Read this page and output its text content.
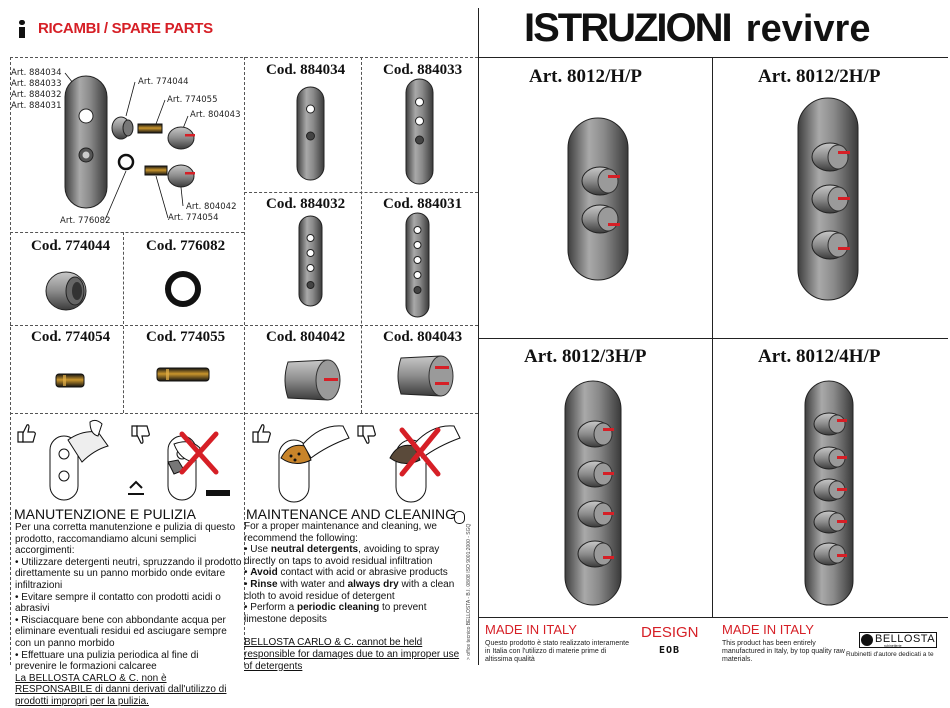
RICAMBI / SPARE PARTS	ISTRUZIONI revivre
Art. 884034
Art. 884033
Art. 884032
Art. 884031
Art. 774044
Art. 774055
Art. 804043
Art. 804042
Art. 774054
Art. 776082
Cod. 884034	Cod. 884033
Cod. 884032	Cod. 884031
Cod. 774044 Cod. 776082
Cod. 774054 Cod. 774055	Cod. 804042	Cod. 804043
MANUTENZIONE E PULIZIA

Per una corretta manutenzione e pulizia di questo prodotto, raccomandiamo alcuni semplici accorgimenti:

• Utilizzare detergenti neutri, spruzzando il prodotto direttamente su un panno morbido onde evitare infiltrazioni

• Evitare sempre il contatto con prodotti acidi o abrasivi

• Risciacquare bene con abbondante acqua per eliminare eventuali residui ed asciugare sempre con un panno morbido

• Effettuare una pulizia periodica al fine di prevenire le formazioni calcaree

La BELLOSTA CARLO & C. non è RESPONSABILE di danni derivati dall'utilizzo di prodotti impropri per la pulizia.

MAINTENANCE AND CLEANING

For a proper maintenance and cleaning, we recommend the following:

• Use neutral detergents, avoiding to spray directly on taps to avoid residual infiltration

• Avoid contact with acid or abrasive products

• Rinse with water and always dry with a clean cloth to avoid residue of detergent

• Perform a periodic cleaning to prevent limestone deposits

BELLOSTA CARLO & C. cannot be held responsible for damages due to an improper use of detergents

> office tecnico BELLOSTA - B.I. 08/08 ISO 9001:2000 - SGQ
Art. 8012/H/P	Art. 8012/2H/P
Art. 8012/3H/P	Art. 8012/4H/P
MADE IN ITALY
Questo prodotto è stato realizzato interamente in Italia con l'utilizzo di materie prime di altissima qualità
DESIGN
EOB
MADE IN ITALY
This product has been entirely manufactured in Italy, by top quality raw materials.
BELLOSTA
rubinetterie
Rubinetti d'autore dedicati a te
